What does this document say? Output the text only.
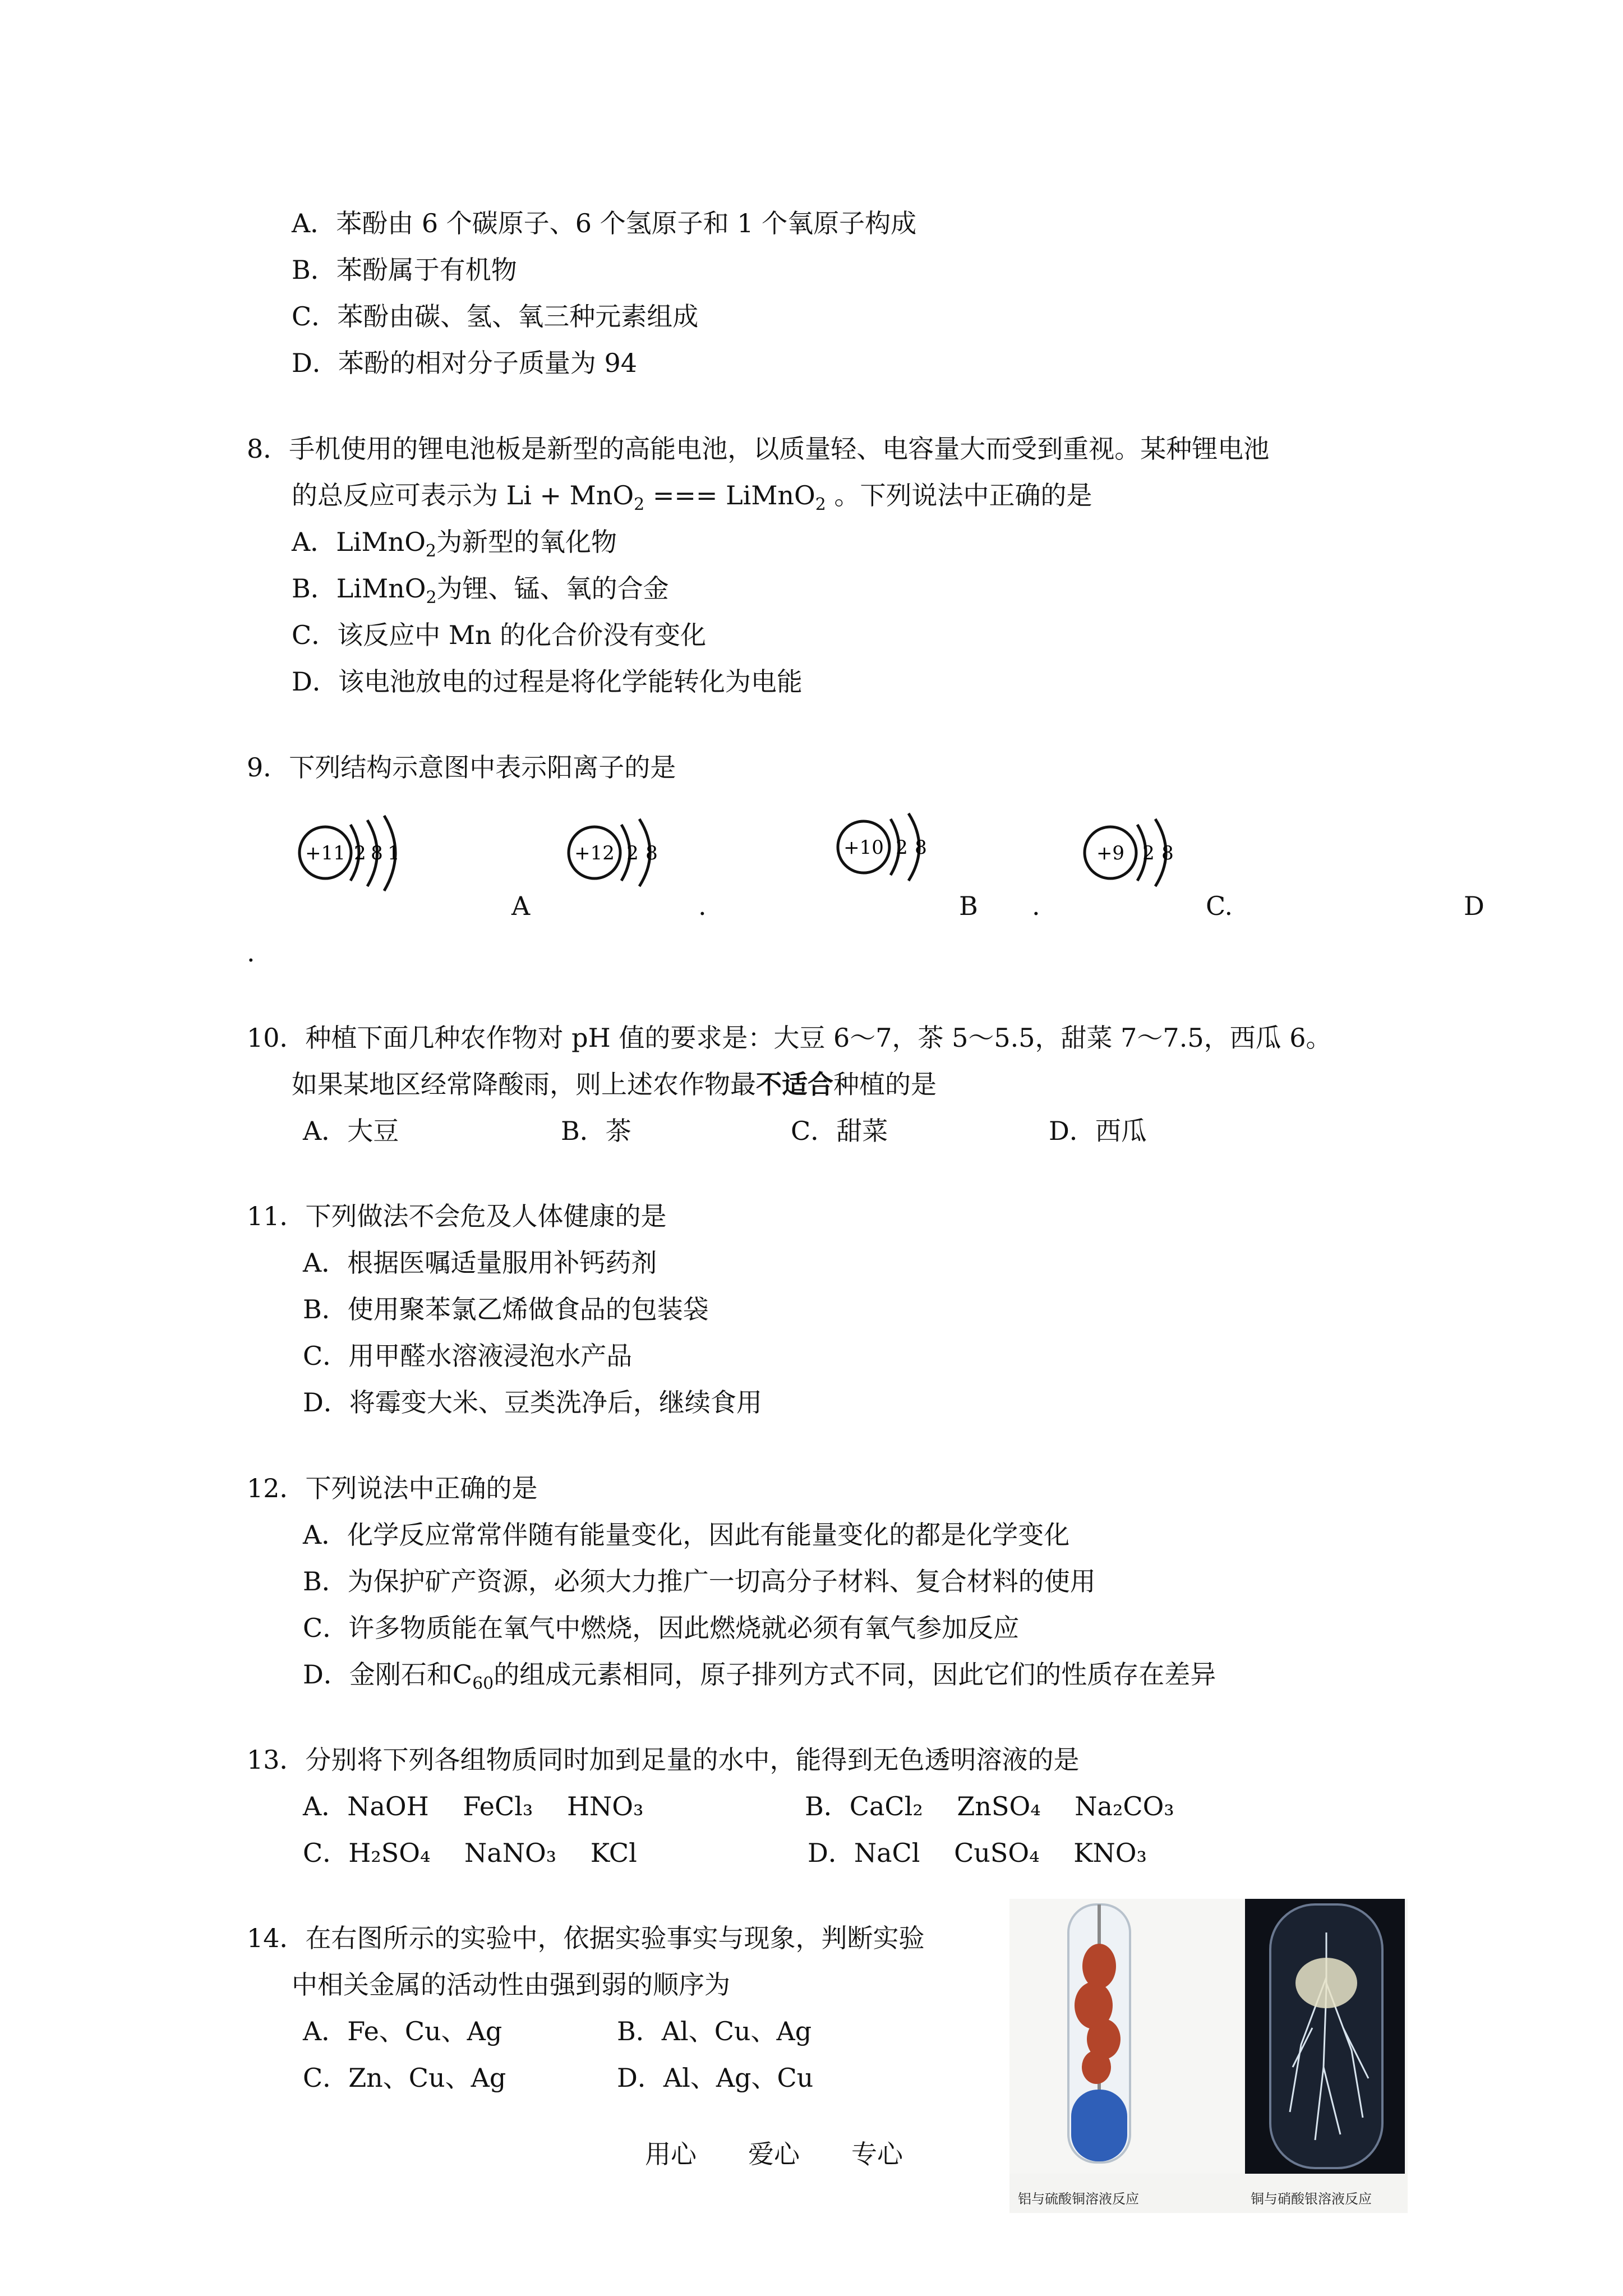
A．苯酚由 6 个碳原子、6 个氢原子和 1 个氧原子构成
B．苯酚属于有机物
C．苯酚由碳、氢、氧三种元素组成
D．苯酚的相对分子质量为 94
8．手机使用的锂电池板是新型的高能电池，以质量轻、电容量大而受到重视。某种锂电池
的总反应可表示为 Li + MnO$_2$ === LiMnO$_2$ 。下列说法中正确的是
A．LiMnO$_2$为新型的氧化物
B．LiMnO$_2$为锂、锰、氧的合金
C．该反应中 Mn 的化合价没有变化
D．该电池放电的过程是将化学能转化为电能
9．下列结构示意图中表示阳离子的是
+11 2 8 1	+12 2 8	+10 2 8	+9 2 8
A	.	B .	C.	D
.
10．种植下面几种农作物对 pH 值的要求是：大豆 6～7，茶 5～5.5，甜菜 7～7.5，西瓜 6。
如果某地区经常降酸雨，则上述农作物最不适合种植的是
A．大豆	B．茶	C．甜菜	D．西瓜
11．下列做法不会危及人体健康的是
A．根据医嘱适量服用补钙药剂
B．使用聚苯氯乙烯做食品的包装袋
C．用甲醛水溶液浸泡水产品
D．将霉变大米、豆类洗净后，继续食用
12．下列说法中正确的是
A．化学反应常常伴随有能量变化，因此有能量变化的都是化学变化
B．为保护矿产资源，必须大力推广一切高分子材料、复合材料的使用
C．许多物质能在氧气中燃烧，因此燃烧就必须有氧气参加反应
D．金刚石和$C_{60}$的组成元素相同，原子排列方式不同，因此它们的性质存在差异
13．分别将下列各组物质同时加到足量的水中，能得到无色透明溶液的是
A．NaOH　 FeCl₃　 HNO₃	B．CaCl₂　 ZnSO₄　 Na₂CO₃
C．H₂SO₄　 NaNO₃　 KCl	D．NaCl　 CuSO₄　 KNO₃
14．在右图所示的实验中，依据实验事实与现象，判断实验
中相关金属的活动性由强到弱的顺序为
A．Fe、Cu、Ag	B．Al、Cu、Ag
C．Zn、Cu、Ag	D．Al、Ag、Cu
铝与硫酸铜溶液反应	铜与硝酸银溶液反应
用心　　爱心　　专心
